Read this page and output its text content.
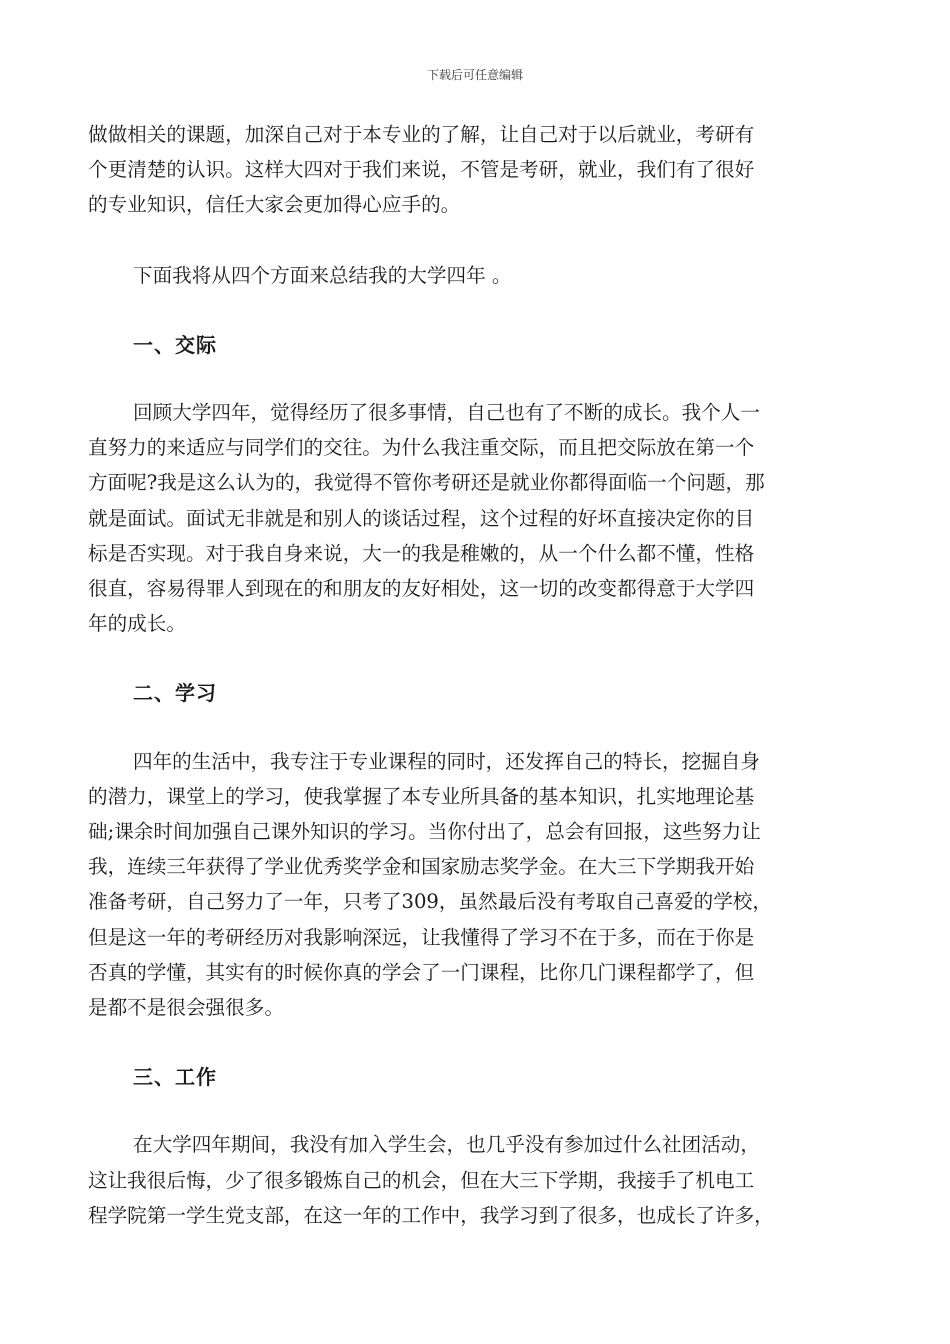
下载后可任意编辑

做做相关的课题，加深自己对于本专业的了解，让自己对于以后就业，考研有

个更清楚的认识。这样大四对于我们来说，不管是考研，就业，我们有了很好

的专业知识，信任大家会更加得心应手的。

下面我将从四个方面来总结我的大学四年 。

一、交际

回顾大学四年，觉得经历了很多事情，自己也有了不断的成长。我个人一

直努力的来适应与同学们的交往。为什么我注重交际，而且把交际放在第一个

方面呢?我是这么认为的，我觉得不管你考研还是就业你都得面临一个问题，那

就是面试。面试无非就是和别人的谈话过程，这个过程的好坏直接决定你的目

标是否实现。对于我自身来说，大一的我是稚嫩的，从一个什么都不懂，性格

很直，容易得罪人到现在的和朋友的友好相处，这一切的改变都得意于大学四

年的成长。

二、学习

四年的生活中，我专注于专业课程的同时，还发挥自己的特长，挖掘自身

的潜力，课堂上的学习，使我掌握了本专业所具备的基本知识，扎实地理论基

础;课余时间加强自己课外知识的学习。当你付出了，总会有回报，这些努力让

我，连续三年获得了学业优秀奖学金和国家励志奖学金。在大三下学期我开始

准备考研，自己努力了一年，只考了309，虽然最后没有考取自己喜爱的学校，

但是这一年的考研经历对我影响深远，让我懂得了学习不在于多，而在于你是

否真的学懂，其实有的时候你真的学会了一门课程，比你几门课程都学了，但

是都不是很会强很多。

三、工作

在大学四年期间，我没有加入学生会，也几乎没有参加过什么社团活动，

这让我很后悔，少了很多锻炼自己的机会，但在大三下学期，我接手了机电工

程学院第一学生党支部，在这一年的工作中，我学习到了很多，也成长了许多，
